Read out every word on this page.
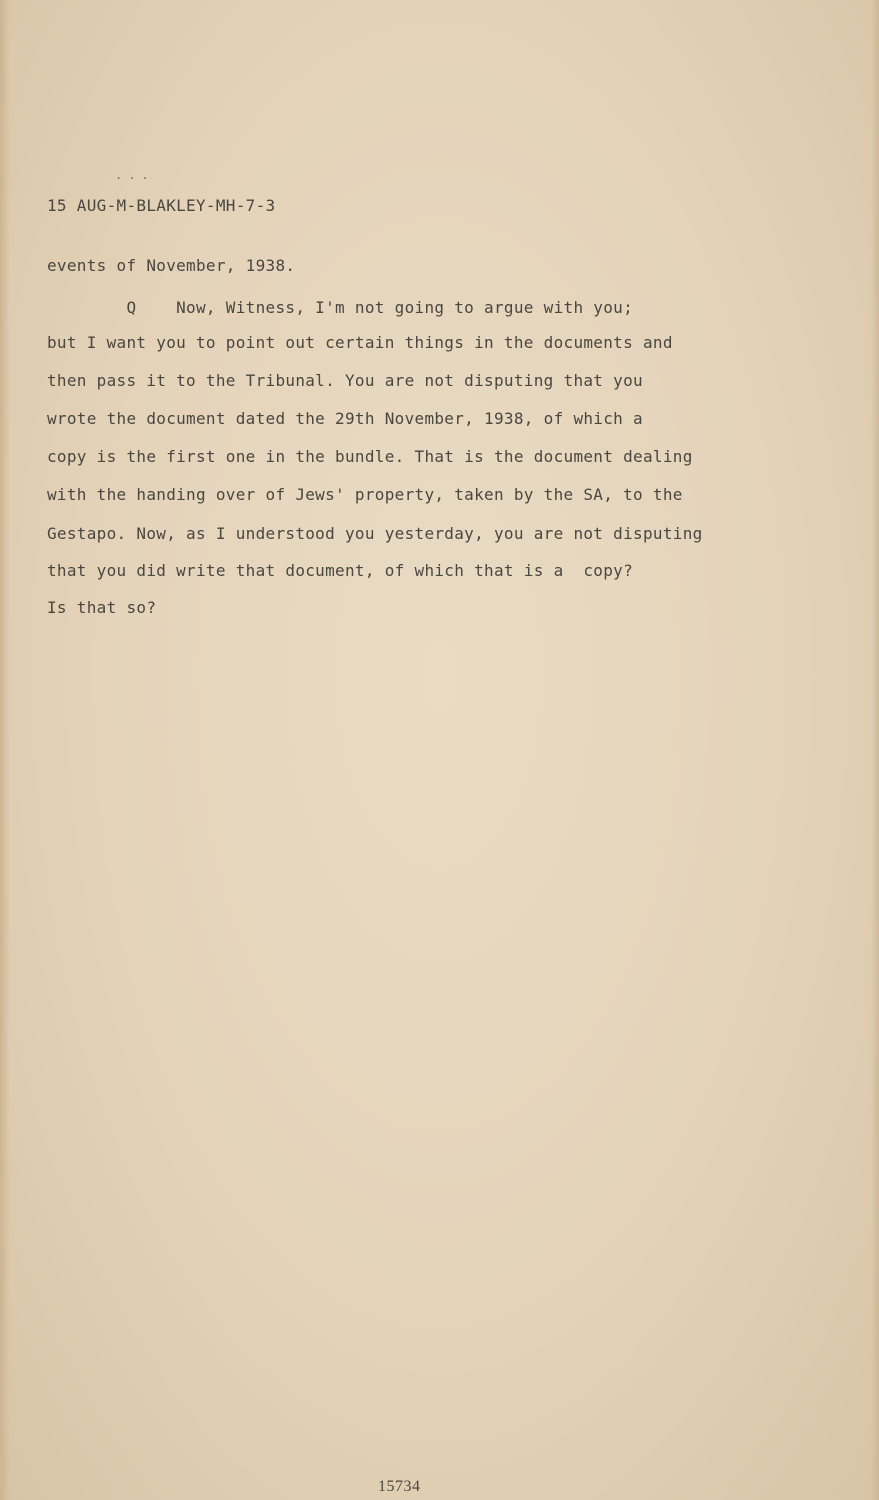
...
15 AUG-M-BLAKLEY-MH-7-3
events of November, 1938.
Q    Now, Witness, I'm not going to argue with you;
but I want you to point out certain things in the documents and
then pass it to the Tribunal. You are not disputing that you
wrote the document dated the 29th November, 1938, of which a
copy is the first one in the bundle. That is the document dealing
with the handing over of Jews' property, taken by the SA, to the
Gestapo. Now, as I understood you yesterday, you are not disputing
that you did write that document, of which that is a  copy?
Is that so?
15734
